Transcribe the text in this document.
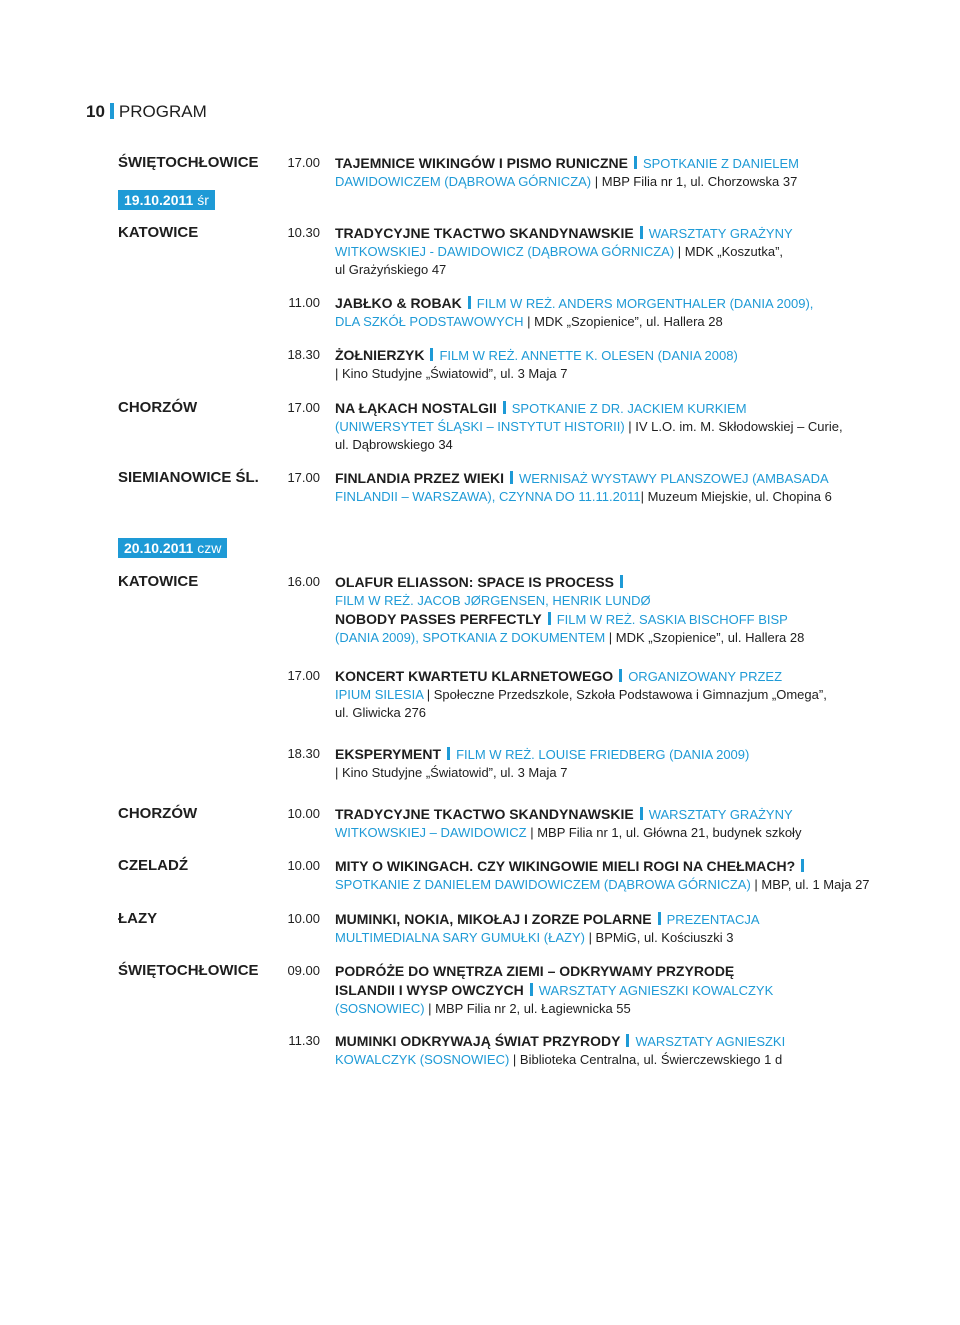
10 PROGRAM
19.10.2011 śr
20.10.2011 czw
ŚWIĘTOCHŁOWICE	17.00 TAJEMNICE WIKINGÓW I PISMO RUNICZNE SPOTKANIE Z DANIELEM
DAWIDOWICZEM (DĄBROWA GÓRNICZA) | MBP Filia nr 1, ul. Chorzowska 37
KATOWICE	10.30 TRADYCYJNE TKACTWO SKANDYNAWSKIE WARSZTATY GRAŻYNY
WITKOWSKIEJ - DAWIDOWICZ (DĄBROWA GÓRNICZA) | MDK „Koszutka”,
ul Grażyńskiego 47
11.00 JABŁKO & ROBAK FILM W REŻ. ANDERS MORGENTHALER (DANIA 2009),
DLA SZKÓŁ PODSTAWOWYCH | MDK „Szopienice”, ul. Hallera 28
18.30 ŻOŁNIERZYK FILM W REŻ. ANNETTE K. OLESEN (DANIA 2008)
| Kino Studyjne „Światowid”, ul. 3 Maja 7
CHORZÓW	17.00 NA ŁĄKACH NOSTALGII SPOTKANIE Z DR. JACKIEM KURKIEM
(UNIWERSYTET ŚLĄSKI – INSTYTUT HISTORII) | IV L.O. im. M. Skłodowskiej – Curie,
ul. Dąbrowskiego 34
SIEMIANOWICE ŚL.	17.00 FINLANDIA PRZEZ WIEKI WERNISAŻ WYSTAWY PLANSZOWEJ (AMBASADA
FINLANDII – WARSZAWA), CZYNNA DO 11.11.2011| Muzeum Miejskie, ul. Chopina 6
KATOWICE	16.00 OLAFUR ELIASSON: SPACE IS PROCESS
FILM W REŻ. JACOB JØRGENSEN, HENRIK LUNDØ
NOBODY PASSES PERFECTLY FILM W REŻ. SASKIA BISCHOFF BISP
(DANIA 2009), SPOTKANIA Z DOKUMENTEM | MDK „Szopienice”, ul. Hallera 28
17.00 KONCERT KWARTETU KLARNETOWEGO ORGANIZOWANY PRZEZ
IPIUM SILESIA | Społeczne Przedszkole, Szkoła Podstawowa i Gimnazjum „Omega”,
ul. Gliwicka 276
18.30 EKSPERYMENT FILM W REŻ. LOUISE FRIEDBERG (DANIA 2009)
| Kino Studyjne „Światowid”, ul. 3 Maja 7
CHORZÓW	10.00 TRADYCYJNE TKACTWO SKANDYNAWSKIE WARSZTATY GRAŻYNY
WITKOWSKIEJ – DAWIDOWICZ | MBP Filia nr 1, ul. Główna 21, budynek szkoły
CZELADŹ	10.00 MITY O WIKINGACH. CZY WIKINGOWIE MIELI ROGI NA CHEŁMACH?
SPOTKANIE Z DANIELEM DAWIDOWICZEM (DĄBROWA GÓRNICZA) | MBP, ul. 1 Maja 27
ŁAZY	10.00 MUMINKI, NOKIA, MIKOŁAJ I ZORZE POLARNE PREZENTACJA
MULTIMEDIALNA SARY GUMUŁKI (ŁAZY) | BPMiG, ul. Kościuszki 3
ŚWIĘTOCHŁOWICE	09.00 PODRÓŻE DO WNĘTRZA ZIEMI – ODKRYWAMY PRZYRODĘ
ISLANDII I WYSP OWCZYCH WARSZTATY AGNIESZKI KOWALCZYK
(SOSNOWIEC) | MBP Filia nr 2, ul. Łagiewnicka 55
11.30 MUMINKI ODKRYWAJĄ ŚWIAT PRZYRODY WARSZTATY AGNIESZKI
KOWALCZYK (SOSNOWIEC) | Biblioteka Centralna, ul. Świerczewskiego 1 d
